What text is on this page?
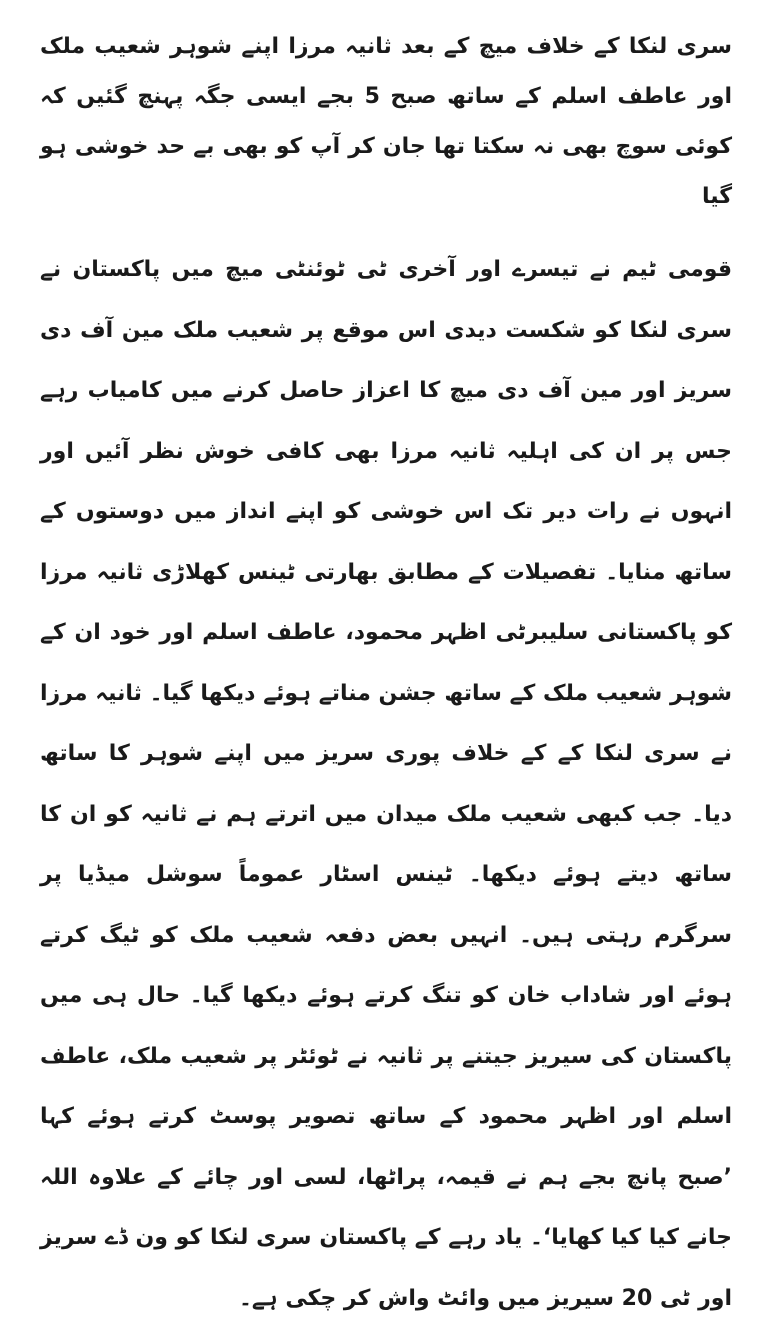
سری لنکا کے خلاف میچ کے بعد ثانیہ مرزا اپنے شوہر شعیب ملک اور عاطف اسلم کے ساتھ صبح 5 بجے ایسی جگہ پہنچ گئیں کہ کوئی سوچ بھی نہ سکتا تھا جان کر آپ کو بھی بے حد خوشی ہو گیا

قومی ٹیم نے تیسرے اور آخری ٹی ٹوئنٹی میچ میں پاکستان نے سری لنکا کو شکست دیدی اس موقع پر شعیب ملک مین آف دی سریز اور مین آف دی میچ کا اعزاز حاصل کرنے میں کامیاب رہے جس پر ان کی اہلیہ ثانیہ مرزا بھی کافی خوش نظر آئیں اور انہوں نے رات دیر تک اس خوشی کو اپنے انداز میں دوستوں کے ساتھ منایا۔ تفصیلات کے مطابق بھارتی ٹینس کھلاڑی ثانیہ مرزا کو پاکستانی سلیبرٹی اظہر محمود، عاطف اسلم اور خود ان کے شوہر شعیب ملک کے ساتھ جشن مناتے ہوئے دیکھا گیا۔ ثانیہ مرزا نے سری لنکا کے کے خلاف پوری سریز میں اپنے شوہر کا ساتھ دیا۔ جب کبھی شعیب ملک میدان میں اترتے ہم نے ثانیہ کو ان کا ساتھ دیتے ہوئے دیکھا۔ ٹینس اسٹار عموماً سوشل میڈیا پر سرگرم رہتی ہیں۔ انہیں بعض دفعہ شعیب ملک کو ٹیگ کرتے ہوئے اور شاداب خان کو تنگ کرتے ہوئے دیکھا گیا۔ حال ہی میں پاکستان کی سیریز جیتنے پر ثانیہ نے ٹوئٹر پر شعیب ملک، عاطف اسلم اور اظہر محمود کے ساتھ تصویر پوسٹ کرتے ہوئے کہا ’صبح پانچ بجے ہم نے قیمہ، پراٹھا، لسی اور چائے کے علاوہ اللہ جانے کیا کیا کھایا‘۔ یاد رہے کے پاکستان سری لنکا کو ون ڈے سریز اور ٹی 20 سیریز میں وائٹ واش کر چکی ہے۔
